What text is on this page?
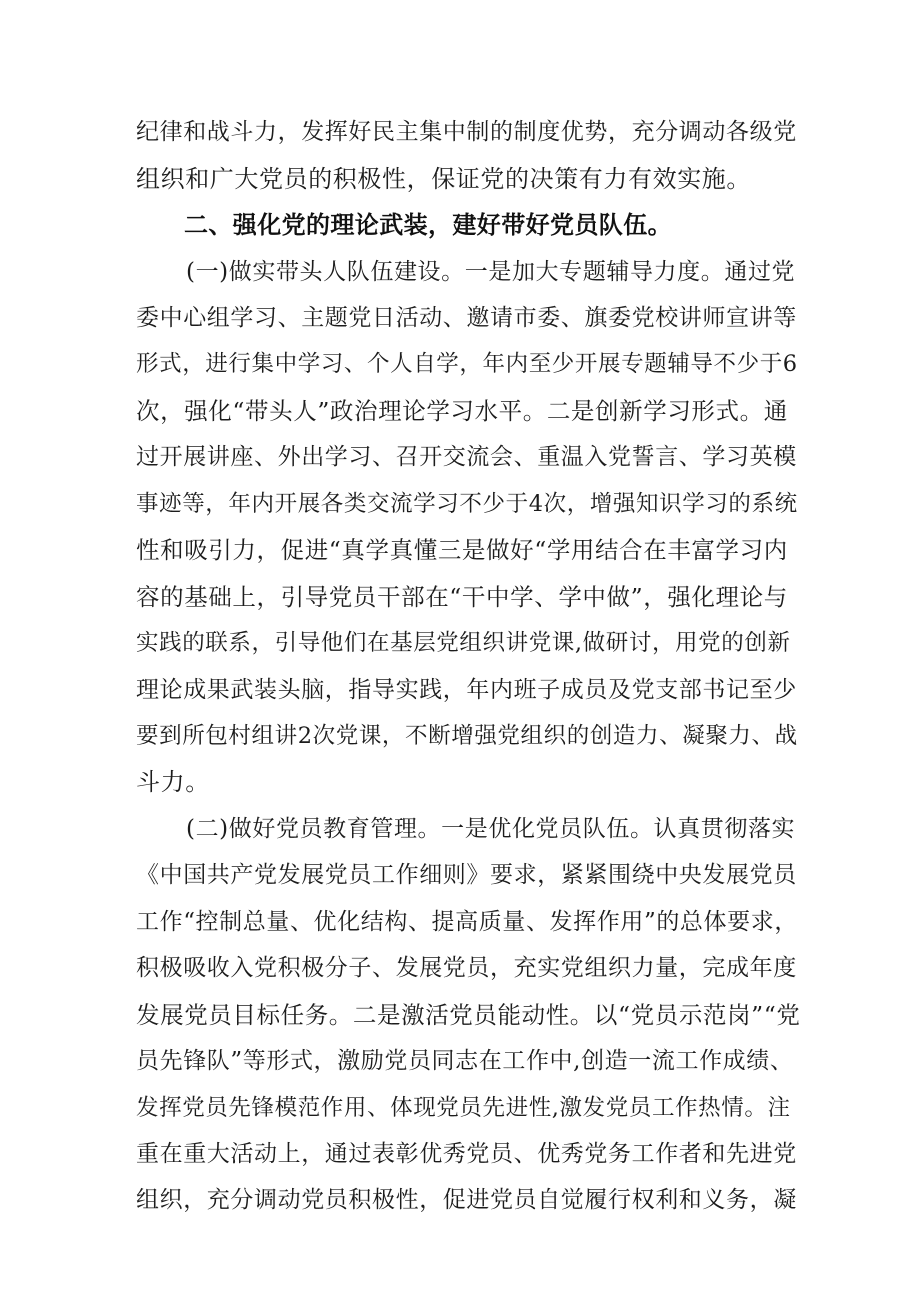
纪律和战斗力，发挥好民主集中制的制度优势，充分调动各级党
组织和广大党员的积极性，保证党的决策有力有效实施。
二、强化党的理论武装，建好带好党员队伍。
(一)做实带头人队伍建设。一是加大专题辅导力度。通过党
委中心组学习、主题党日活动、邀请市委、旗委党校讲师宣讲等
形式，进行集中学习、个人自学，年内至少开展专题辅导不少于6
次，强化“带头人”政治理论学习水平。二是创新学习形式。通
过开展讲座、外出学习、召开交流会、重温入党誓言、学习英模
事迹等，年内开展各类交流学习不少于4次，增强知识学习的系统
性和吸引力，促进“真学真懂三是做好“学用结合在丰富学习内
容的基础上，引导党员干部在“干中学、学中做”，强化理论与
实践的联系，引导他们在基层党组织讲党课,做研讨，用党的创新
理论成果武装头脑，指导实践，年内班子成员及党支部书记至少
要到所包村组讲2次党课，不断增强党组织的创造力、凝聚力、战
斗力。
(二)做好党员教育管理。一是优化党员队伍。认真贯彻落实
《中国共产党发展党员工作细则》要求，紧紧围绕中央发展党员
工作“控制总量、优化结构、提高质量、发挥作用”的总体要求，
积极吸收入党积极分子、发展党员，充实党组织力量，完成年度
发展党员目标任务。二是激活党员能动性。以“党员示范岗”“党
员先锋队”等形式，激励党员同志在工作中,创造一流工作成绩、
发挥党员先锋模范作用、体现党员先进性,激发党员工作热情。注
重在重大活动上，通过表彰优秀党员、优秀党务工作者和先进党
组织，充分调动党员积极性，促进党员自觉履行权利和义务，凝
